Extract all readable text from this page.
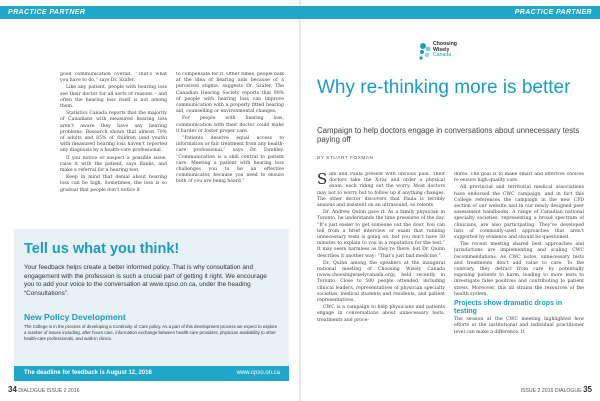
PRACTICE PARTNER	PRACTICE PARTNER

good communication overall. “That’s what you have to do,” says Dr. Szafer.

Like any patient, people with hearing loss see their doctor for all sorts of reasons – and often the hearing loss itself is not among them.

Statistics Canada reports that the majority of Canadians with measured hearing loss aren’t aware they have any hearing problems. Research shows that almost 70% of adults and 85% of children (and youth) with measured hearing loss haven’t reported any diagnosis by a health-care professional.

If you notice or suspect a possible issue, raise it with the patient, says Banks, and make a referral for a hearing test.

Keep in mind that denial about hearing loss can be high. Sometimes, the loss is so gradual that people don’t notice it

to compensate for it. Other times, people balk at the idea of hearing aids because of a perceived stigma, suggests Dr. Szafer. The Canadian Hearing Society reports that 90% of people with hearing loss can improve communication with a properly fitted hearing aid, counselling or environmental changes.

For people with hearing loss, communication with their doctor could make it harder or foster proper care.

“Patients deserve equal access to information or fair treatment from any health-care professional,” says Dr. Dunkley. “Communication is a skill central to patient care. Meeting a patient with hearing loss challenges you to be an effective communicator, because you need to ensure both of you are being heard.”

Tell us what you think!
Your feedback helps create a better informed policy. That is why consultation and engagement with the profession is such a crucial part of getting it right. We encourage you to add your voice to the conversation at www.cpso.on.ca, under the heading “Consultations”.
New Policy Development
The College is in the process of developing a Continuity of Care policy. As a part of this development process we expect to explore a number of issues including, after hours care, information exchange between health-care providers, physician availability to other health-care professionals, and walk-in clinics.
The deadline for feedback is August 12, 2016	www.cpso.on.ca
34 DIALOGUE ISSUE 2 2016	ISSUE 2 2016 DIALOGUE 35
Choosing
Wisely
Canada
Why re-thinking more is better
Campaign to help doctors engage in conversations about unnecessary tests paying off
BY STUART FOXMAN

Sam and Paula present with obvious pain. Their doctors take the X-ray and order a physical exam, each riding out the worry. Most doctors may not to worry but to follow up if anything changes. The other doctor discovers that Paula is terribly anxious and insistent on an ultrasound, so relents.

Dr. Andrew Quinn gave it. As a family physician in Toronto, he understands the time pressures of the day. “It’s just easier to get someone out the door. You can tell from a brief interview or exam that running unnecessary tests is going on, but you don’t have 30 minutes to explain to you in a reputation for the test.” It may seem harmless as they’re there, but Dr. Quinn describes it another way: “That’s just bad medicine.”

Dr. Quinn among the speakers at the inaugural national meeting of Choosing Wisely Canada (www.choosingwiselycanada.org), held recently in Toronto. Close to 500 people attended, including clinical leaders, representatives of physician specialty societies, medical students and residents, and patient representatives.

CWC is a campaign to help physicians and patients engage in conversations about unnecessary tests, treatments and proce-

dures. The goal is to make smart and effective choices to ensure high-quality care.

All provincial and territorial medical associations have endorsed the CWC campaign, and in fact this College references the campaign in the new CPD section of our website and in our newly designed peer assessment handbooks. A range of Canadian national specialty societies, representing a broad spectrum of clinicians, are also participating. They’ve developed lists of commonly-used approaches that aren’t supported by evidence and should be questioned.

The recent meeting shared best approaches and jurisdictions are implementing and scaling CWC recommendations. As CWC notes, unnecessary tests and treatments don’t add value to care. To the contrary, they detract from care by potentially exposing patients to harm, leading to more tests to investigate false positives and contributing to patient stress. Moreover, this all strains the resources of the health system.

Projects show dramatic drops in testing

The session at the CWC meeting highlighted how efforts at the institutional and individual practitioner level can make a difference. It
